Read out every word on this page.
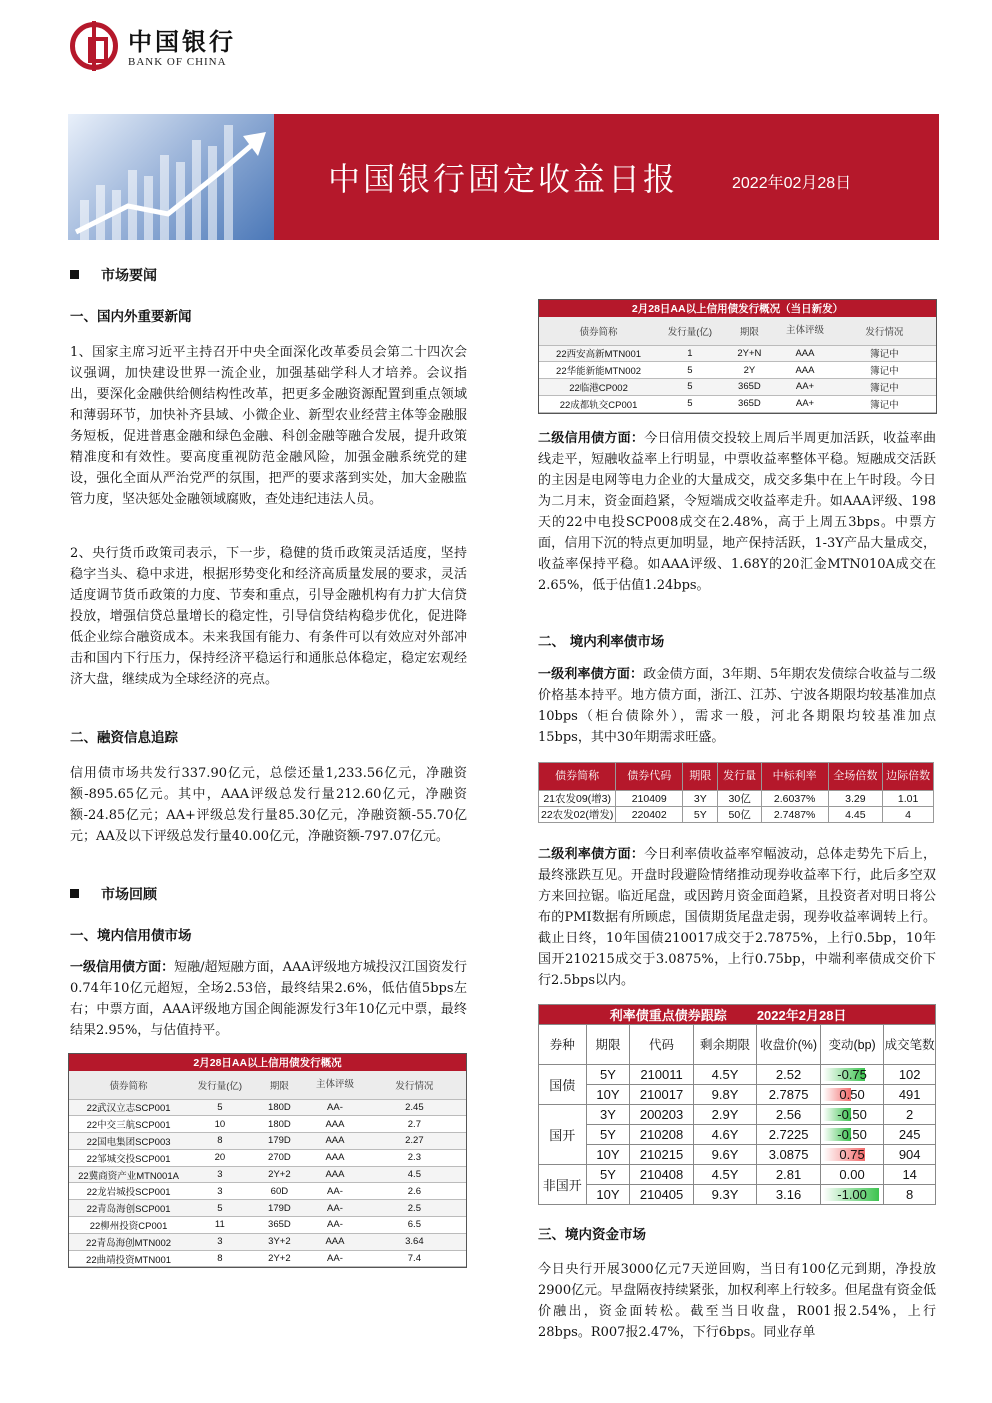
中国银行
BANK OF CHINA
中国银行固定收益日报	2022年02月28日
市场要闻
一、国内外重要新闻
1、国家主席习近平主持召开中央全面深化改革委员会第二十四次会议强调，加快建设世界一流企业，加强基础学科人才培养。会议指出，要深化金融供给侧结构性改革，把更多金融资源配置到重点领域和薄弱环节，加快补齐县域、小微企业、新型农业经营主体等金融服务短板，促进普惠金融和绿色金融、科创金融等融合发展，提升政策精准度和有效性。要高度重视防范金融风险，加强金融系统党的建设，强化全面从严治党严的氛围，把严的要求落到实处，加大金融监管力度，坚决惩处金融领域腐败，查处违纪违法人员。
2、央行货币政策司表示，下一步，稳健的货币政策灵活适度，坚持稳字当头、稳中求进，根据形势变化和经济高质量发展的要求，灵活适度调节货币政策的力度、节奏和重点，引导金融机构有力扩大信贷投放，增强信贷总量增长的稳定性，引导信贷结构稳步优化，促进降低企业综合融资成本。未来我国有能力、有条件可以有效应对外部冲击和国内下行压力，保持经济平稳运行和通胀总体稳定，稳定宏观经济大盘，继续成为全球经济的亮点。
二、融资信息追踪
信用债市场共发行337.90亿元，总偿还量1,233.56亿元，净融资额-895.65亿元。其中，AAA评级总发行量212.60亿元，净融资额-24.85亿元；AA+评级总发行量85.30亿元，净融资额-55.70亿元；AA及以下评级总发行量40.00亿元，净融资额-797.07亿元。
市场回顾
一、境内信用债市场
一级信用债方面：短融/超短融方面，AAA评级地方城投汉江国资发行0.74年10亿元超短，全场2.53倍，最终结果2.6%，低估值5bps左右；中票方面，AAA评级地方国企闽能源发行3年10亿元中票，最终结果2.95%，与估值持平。
2月28日AA以上信用债发行概况				
债券简称	发行量(亿)	期限	主体评级	发行情况
22武汉立志SCP001	5	180D	AA-	2.45
22中交三航SCP001	10	180D	AAA	2.7
22国电集团SCP003	8	179D	AAA	2.27
22邹城交投SCP001	20	270D	AAA	2.3
22冀商资产业MTN001A	3	2Y+2	AAA	4.5
22龙岩城投SCP001	3	60D	AA-	2.6
22青岛海创SCP001	5	179D	AA-	2.5
22柳州投资CP001	11	365D	AA-	6.5
22青岛海创MTN002	3	3Y+2	AAA	3.64
22曲靖投资MTN001	8	2Y+2	AA-	7.4
2月28日AA以上信用债发行概况（当日新发）				
债券简称	发行量(亿)	期限	主体评级	发行情况
22西安高新MTN001	1	2Y+N	AAA	簿记中
22华能新能MTN002	5	2Y	AAA	簿记中
22临港CP002	5	365D	AA+	簿记中
22成都轨交CP001	5	365D	AA+	簿记中
二级信用债方面：今日信用债交投较上周后半周更加活跃，收益率曲线走平，短融收益率上行明显，中票收益率整体平稳。短融成交活跃的主因是电网等电力企业的大量成交，成交多集中在上午时段。今日为二月末，资金面趋紧，令短端成交收益率走升。如AAA评级、198天的22中电投SCP008成交在2.48%，高于上周五3bps。中票方面，信用下沉的特点更加明显，地产保持活跃，1-3Y产品大量成交，收益率保持平稳。如AAA评级、1.68Y的20汇金MTN010A成交在2.65%，低于估值1.24bps。
二、 境内利率债市场
一级利率债方面：政金债方面，3年期、5年期农发债综合收益与二级价格基本持平。地方债方面，浙江、江苏、宁波各期限均较基准加点10bps（柜台债除外），需求一般，河北各期限均较基准加点15bps，其中30年期需求旺盛。
债券简称	债券代码	期限	发行量	中标利率	全场倍数	边际倍数
21农发09(增3)	210409	3Y	30亿	2.6037%	3.29	1.01
22农发02(增发)	220402	5Y	50亿	2.7487%	4.45	4
二级利率债方面：今日利率债收益率窄幅波动，总体走势先下后上，最终涨跌互见。开盘时段避险情绪推动现券收益率下行，此后多空双方来回拉锯。临近尾盘，或因跨月资金面趋紧，且投资者对明日将公布的PMI数据有所顾虑，国债期货尾盘走弱，现券收益率调转上行。截止日终，10年国债210017成交于2.7875%，上行0.5bp，10年国开210215成交于3.0875%，上行0.75bp，中端利率债成交价下行2.5bps以内。
利率债重点债券跟踪				2022年2月28日		
券种	期限	代码	剩余期限	收盘价(%)	变动(bp)	成交笔数
国债	5Y	210011	4.5Y	2.52	-0.75	102
	10Y	210017	9.8Y	2.7875	0.50	491
国开	3Y	200203	2.9Y	2.56	-0.50	2
	5Y	210208	4.6Y	2.7225	-0.50	245
	10Y	210215	9.6Y	3.0875	0.75	904
非国开	5Y	210408	4.5Y	2.81	0.00	14
	10Y	210405	9.3Y	3.16	-1.00	8
三、境内资金市场
今日央行开展3000亿元7天逆回购，当日有100亿元到期，净投放2900亿元。早盘隔夜持续紧张，加权利率上行较多。但尾盘有资金低价融出，资金面转松。截至当日收盘，R001报2.54%，上行28bps。R007报2.47%，下行6bps。同业存单
